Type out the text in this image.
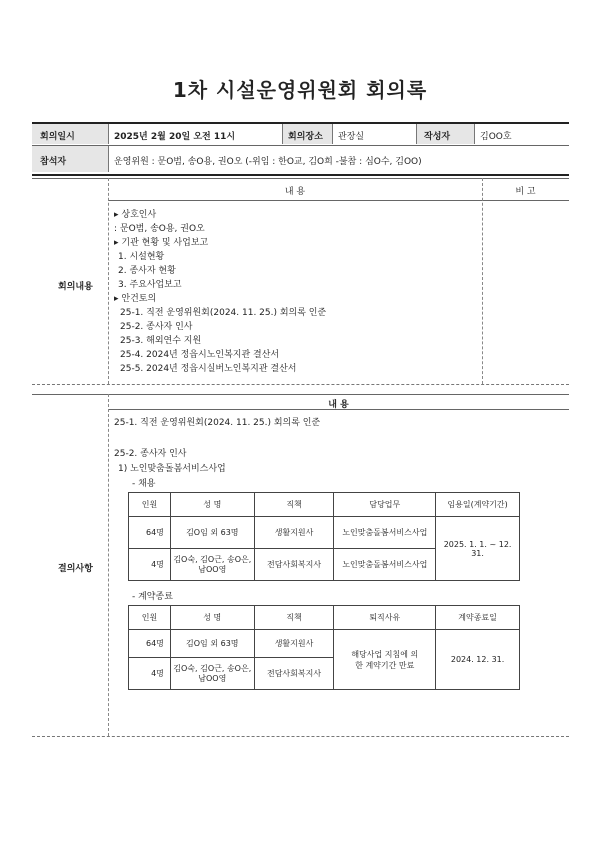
1차 시설운영위원회 회의록
회의일시	2025년 2월 20일 오전 11시	회의장소 관장실	작성자	김OO호
참석자	운영위원 : 문O범, 송O용, 권O오 (-위임 : 한O교, 김O희 -불참 : 심O수, 김OO)
내 용	비 고
회의내용
▸ 상호인사
: 문O범, 송O용, 권O오
▸ 기관 현황 및 사업보고
1. 시설현황
2. 종사자 현황
3. 주요사업보고
▸ 안건토의
25-1. 직전 운영위원회(2024. 11. 25.) 회의록 인준
25-2. 종사자 인사
25-3. 해외연수 지원
25-4. 2024년 정읍시노인복지관 결산서
25-5. 2024년 정읍시실버노인복지관 결산서
내 용
결의사항
25-1. 직전 운영위원회(2024. 11. 25.) 회의록 인준
25-2. 종사자 인사
1) 노인맞춤돌봄서비스사업
- 채용
인원	성 명	직책	담당업무	임용일(계약기간)
64명	김O임 외 63명	생활지원사	노인맞춤돌봄서비스사업	2025. 1. 1. ~ 12. 31.
4명	김O숙, 김O근, 송O은, 남OO영	전담사회복지사	노인맞춤돌봄서비스사업	
- 계약종료
인원	성 명	직책	퇴직사유	계약종료일
64명	김O임 외 63명	생활지원사	해당사업 지침에 의한 계약기간 만료	2024. 12. 31.
4명	김O숙, 김O근, 송O은, 남OO영	전담사회복지사		
